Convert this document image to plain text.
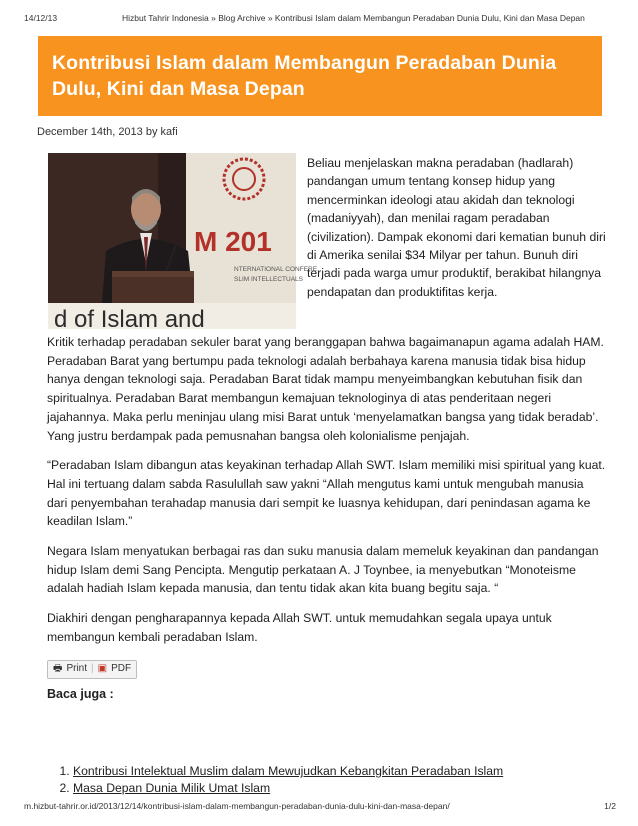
14/12/13	Hizbut Tahrir Indonesia » Blog Archive » Kontribusi Islam dalam Membangun Peradaban Dunia Dulu, Kini dan Masa Depan
Kontribusi Islam dalam Membangun Peradaban Dunia Dulu, Kini dan Masa Depan
December 14th, 2013 by kafi
M 201
NTERNATIONAL CONFERE
SLIM INTELLECTUALS
d of Islam and

Beliau menjelaskan makna peradaban (hadlarah) pandangan umum tentang konsep hidup yang mencerminkan ideologi atau akidah dan teknologi (madaniyyah), dan menilai ragam peradaban (civilization). Dampak ekonomi dari kematian bunuh diri di Amerika senilai $34 Milyar per tahun. Bunuh diri terjadi pada warga umur produktif, berakibat hilangnya pendapatan dan produktifitas kerja.

Kritik terhadap peradaban sekuler barat yang beranggapan bahwa bagaimanapun agama adalah HAM. Peradaban Barat yang bertumpu pada teknologi adalah berbahaya karena manusia tidak bisa hidup hanya dengan teknologi saja. Peradaban Barat tidak mampu menyeimbangkan kebutuhan fisik dan spiritualnya. Peradaban Barat membangun kemajuan teknologinya di atas penderitaan negeri jajahannya. Maka perlu meninjau ulang misi Barat untuk ‘menyelamatkan bangsa yang tidak beradab’. Yang justru berdampak pada pemusnahan bangsa oleh kolonialisme penjajah.

“Peradaban Islam dibangun atas keyakinan terhadap Allah SWT. Islam memiliki misi spiritual yang kuat. Hal ini tertuang dalam sabda Rasulullah saw yakni “Allah mengutus kami untuk mengubah manusia dari penyembahan terahadap manusia dari sempit ke luasnya kehidupan, dari penindasan agama ke keadilan Islam.”

Negara Islam menyatukan berbagai ras dan suku manusia dalam memeluk keyakinan dan pandangan hidup Islam demi Sang Pencipta. Mengutip perkataan A. J Toynbee, ia menyebutkan “Monoteisme adalah hadiah Islam kepada manusia, dan tentu tidak akan kita buang begitu saja. “

Diakhiri dengan pengharapannya kepada Allah SWT. untuk memudahkan segala upaya untuk membangun kembali peradaban Islam.

🖶 Print | ▣ PDF
Baca juga :
1. Kontribusi Intelektual Muslim dalam Mewujudkan Kebangkitan Peradaban Islam
2. Masa Depan Dunia Milik Umat Islam
m.hizbut-tahrir.or.id/2013/12/14/kontribusi-islam-dalam-membangun-peradaban-dunia-dulu-kini-dan-masa-depan/	1/2
